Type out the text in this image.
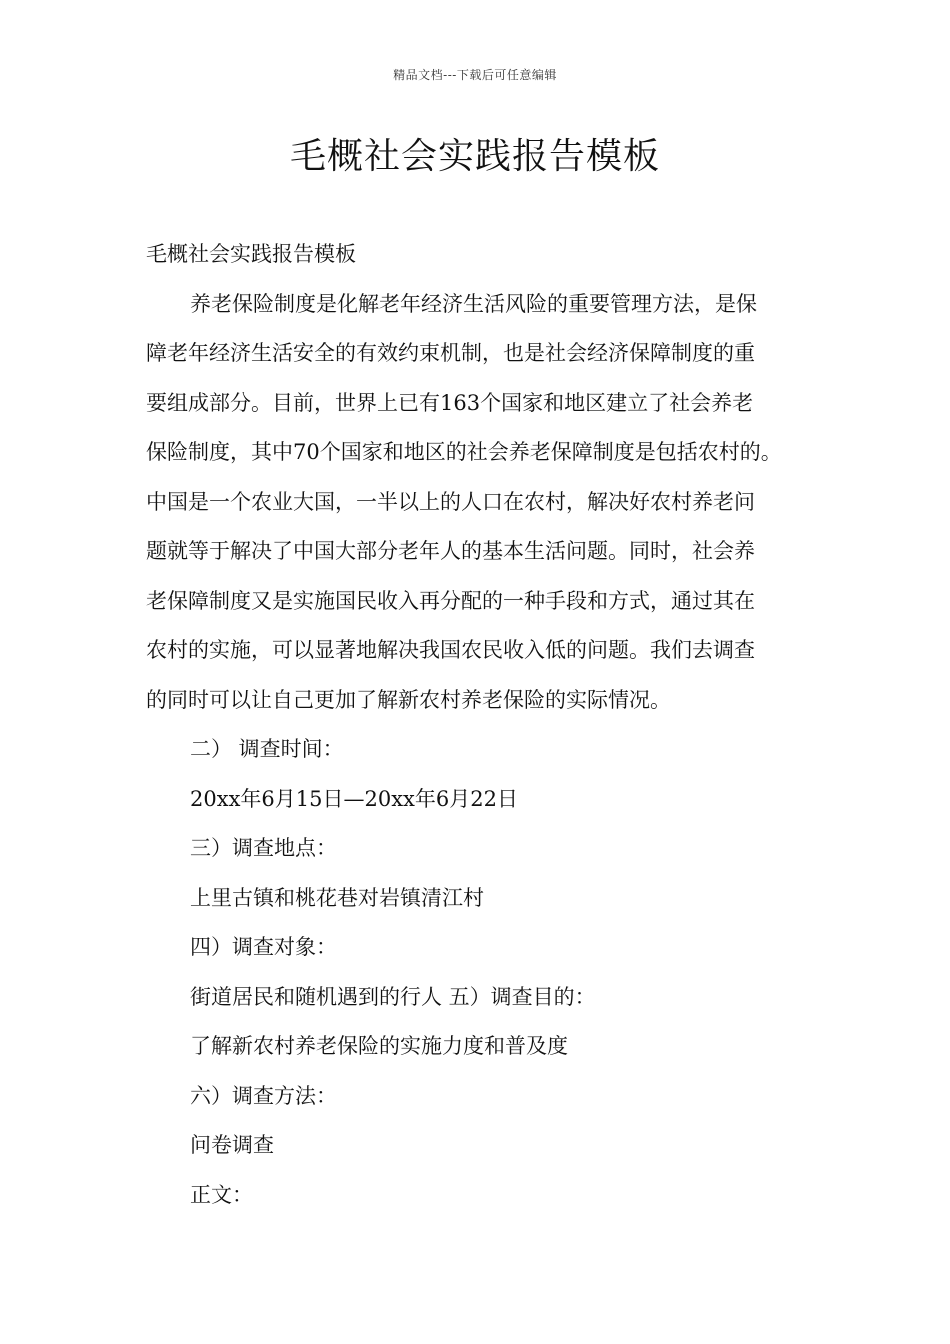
精品文档---下载后可任意编辑
毛概社会实践报告模板
毛概社会实践报告模板
养老保险制度是化解老年经济生活风险的重要管理方法，是保
障老年经济生活安全的有效约束机制，也是社会经济保障制度的重
要组成部分。目前，世界上已有163个国家和地区建立了社会养老
保险制度，其中70个国家和地区的社会养老保障制度是包括农村的。
中国是一个农业大国，一半以上的人口在农村，解决好农村养老问
题就等于解决了中国大部分老年人的基本生活问题。同时，社会养
老保障制度又是实施国民收入再分配的一种手段和方式，通过其在
农村的实施，可以显著地解决我国农民收入低的问题。我们去调查
的同时可以让自己更加了解新农村养老保险的实际情况。
二） 调查时间：
20xx年6月15日—20xx年6月22日
三）调查地点：
上里古镇和桃花巷对岩镇清江村
四）调查对象：
街道居民和随机遇到的行人 五）调查目的：
了解新农村养老保险的实施力度和普及度
六）调查方法：
问卷调查
正文：
